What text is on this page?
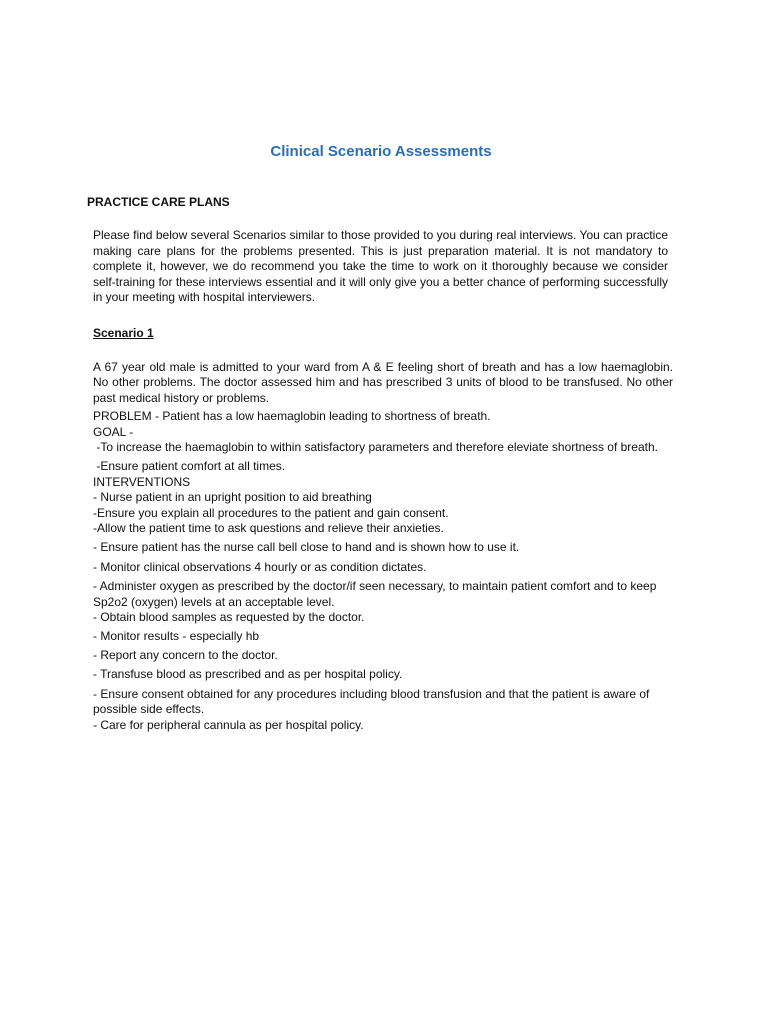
Clinical Scenario Assessments
PRACTICE CARE PLANS

Please find below several Scenarios similar to those provided to you during real interviews. You can practice making care plans for the problems presented. This is just preparation material. It is not mandatory to complete it, however, we do recommend you take the time to work on it thoroughly because we consider self-training for these interviews essential and it will only give you a better chance of performing successfully in your meeting with hospital interviewers.

Scenario 1

A 67 year old male is admitted to your ward from A & E feeling short of breath and has a low haemaglobin. No other problems. The doctor assessed him and has prescribed 3 units of blood to be transfused. No other past medical history or problems.

PROBLEM - Patient has a low haemaglobin leading to shortness of breath.
GOAL -
-To increase the haemaglobin to within satisfactory parameters and therefore eleviate shortness of breath.
-Ensure patient comfort at all times.
INTERVENTIONS
- Nurse patient in an upright position to aid breathing
-Ensure you explain all procedures to the patient and gain consent.
-Allow the patient time to ask questions and relieve their anxieties.
- Ensure patient has the nurse call bell close to hand and is shown how to use it.
- Monitor clinical observations 4 hourly or as condition dictates.
- Administer oxygen as prescribed by the doctor/if seen necessary, to maintain patient comfort and to keep Sp2o2 (oxygen) levels at an acceptable level.
- Obtain blood samples as requested by the doctor.
- Monitor results - especially hb
- Report any concern to the doctor.
- Transfuse blood as prescribed and as per hospital policy.
- Ensure consent obtained for any procedures including blood transfusion and that the patient is aware of possible side effects.
- Care for peripheral cannula as per hospital policy.
